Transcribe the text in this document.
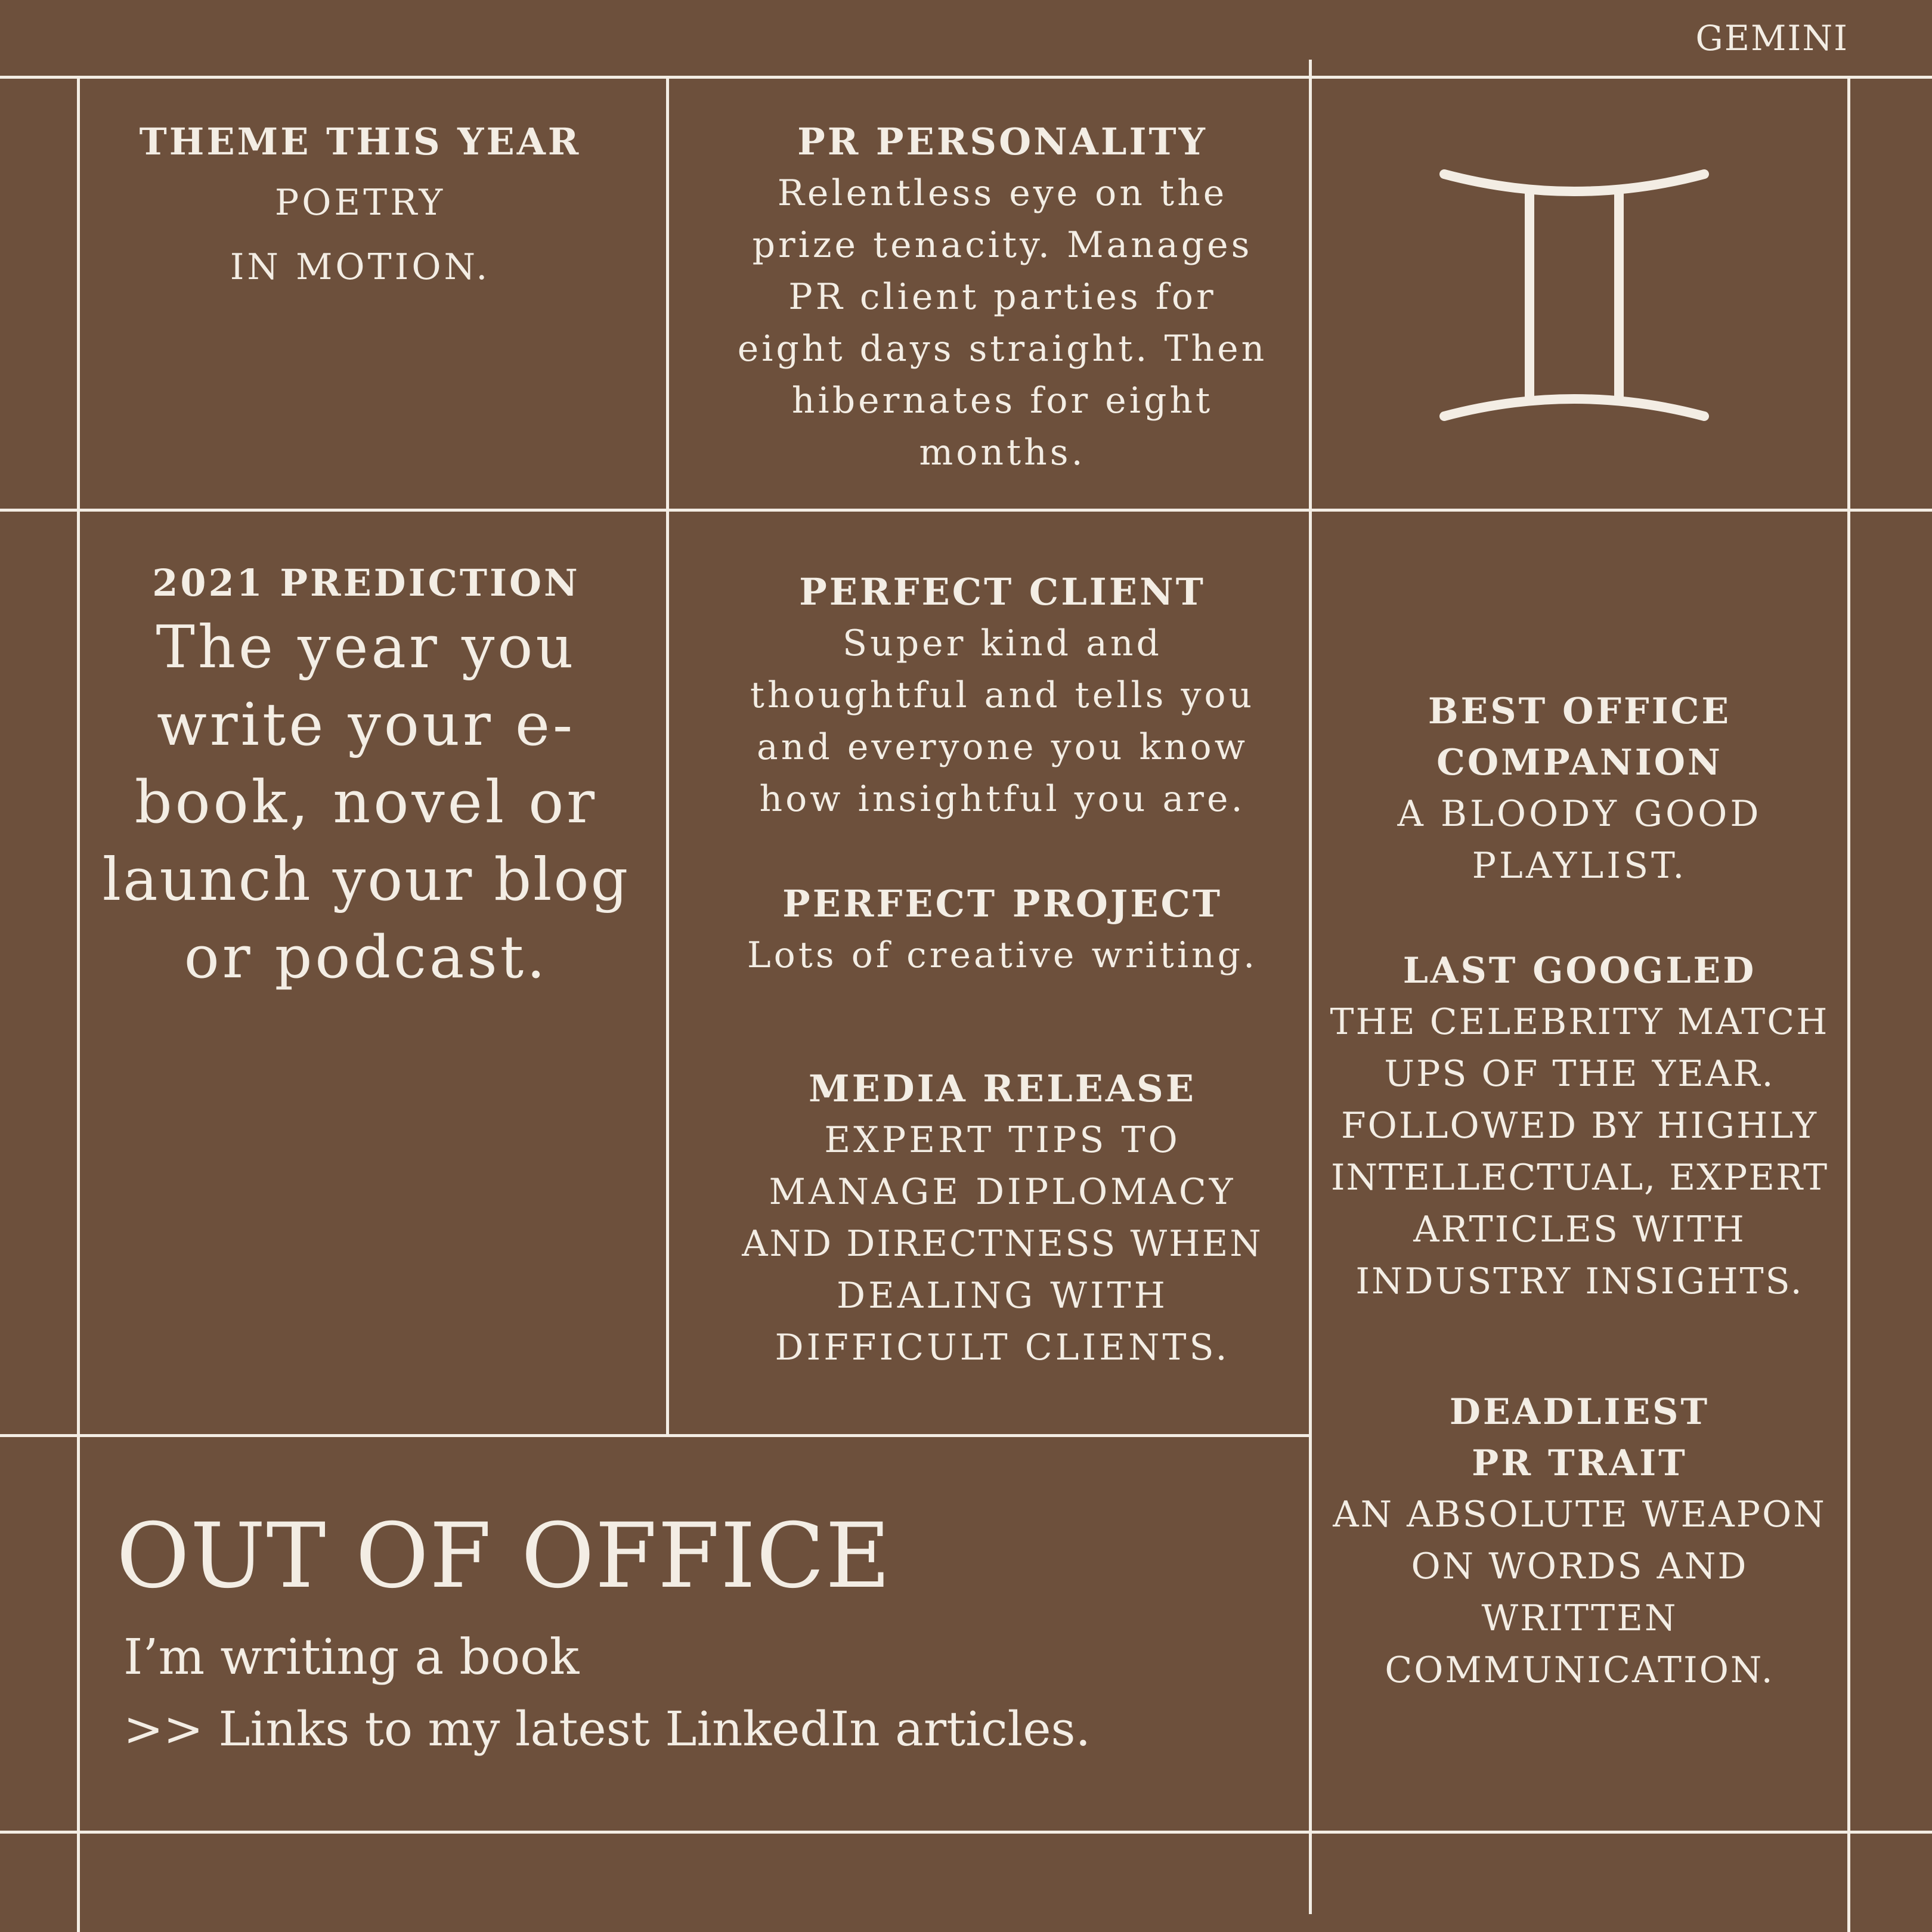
GEMINI
THEME THIS YEAR
POETRY
IN MOTION.
PR PERSONALITY
Relentless eye on the
prize tenacity. Manages
PR client parties for
eight days straight. Then
hibernates for eight
months.
2021 PREDICTION
The year you
write your e-
book, novel or
launch your blog
or podcast.
PERFECT CLIENT
Super kind and
thoughtful and tells you
and everyone you know
how insightful you are.
PERFECT PROJECT
Lots of creative writing.
MEDIA RELEASE
EXPERT TIPS TO
MANAGE DIPLOMACY
AND DIRECTNESS WHEN
DEALING WITH
DIFFICULT CLIENTS.
BEST OFFICE
COMPANION
A BLOODY GOOD
PLAYLIST.
LAST GOOGLED
THE CELEBRITY MATCH
UPS OF THE YEAR.
FOLLOWED BY HIGHLY
INTELLECTUAL, EXPERT
ARTICLES WITH
INDUSTRY INSIGHTS.
DEADLIEST
PR TRAIT
AN ABSOLUTE WEAPON
ON WORDS AND
WRITTEN
COMMUNICATION.
OUT OF OFFICE
I’m writing a book
>> Links to my latest LinkedIn articles.
